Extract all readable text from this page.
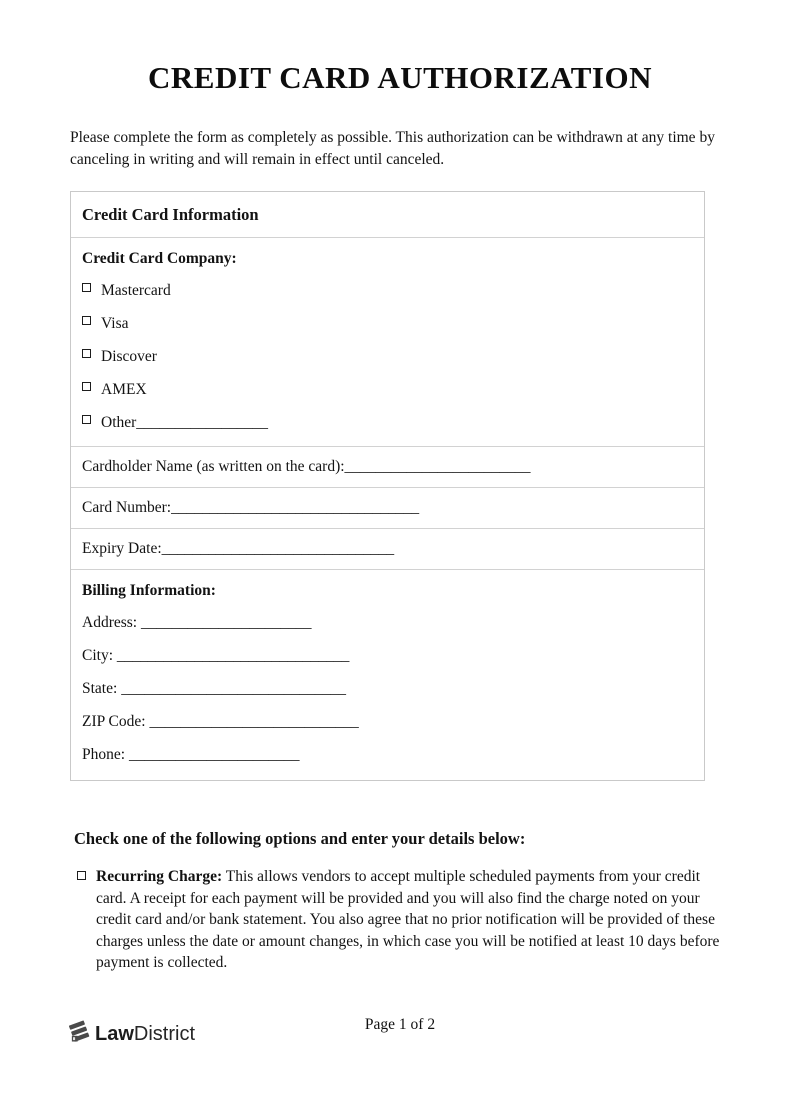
CREDIT CARD AUTHORIZATION

Please complete the form as completely as possible. This authorization can be withdrawn at any time by canceling in writing and will remain in effect until canceled.

Credit Card Information
Credit Card Company:
Mastercard
Visa
Discover
AMEX
Other_________________
Cardholder Name (as written on the card):________________________
Card Number:________________________________
Expiry Date:______________________________
Billing Information:
Address: ______________________
City: ______________________________
State: _____________________________
ZIP Code: ___________________________
Phone: ______________________
Check one of the following options and enter your details below:
Recurring Charge: This allows vendors to accept multiple scheduled payments from your credit card. A receipt for each payment will be provided and you will also find the charge noted on your credit card and/or bank statement. You also agree that no prior notification will be provided of these charges unless the date or amount changes, in which case you will be notified at least 10 days before payment is collected.
Law District	Page 1 of 2
